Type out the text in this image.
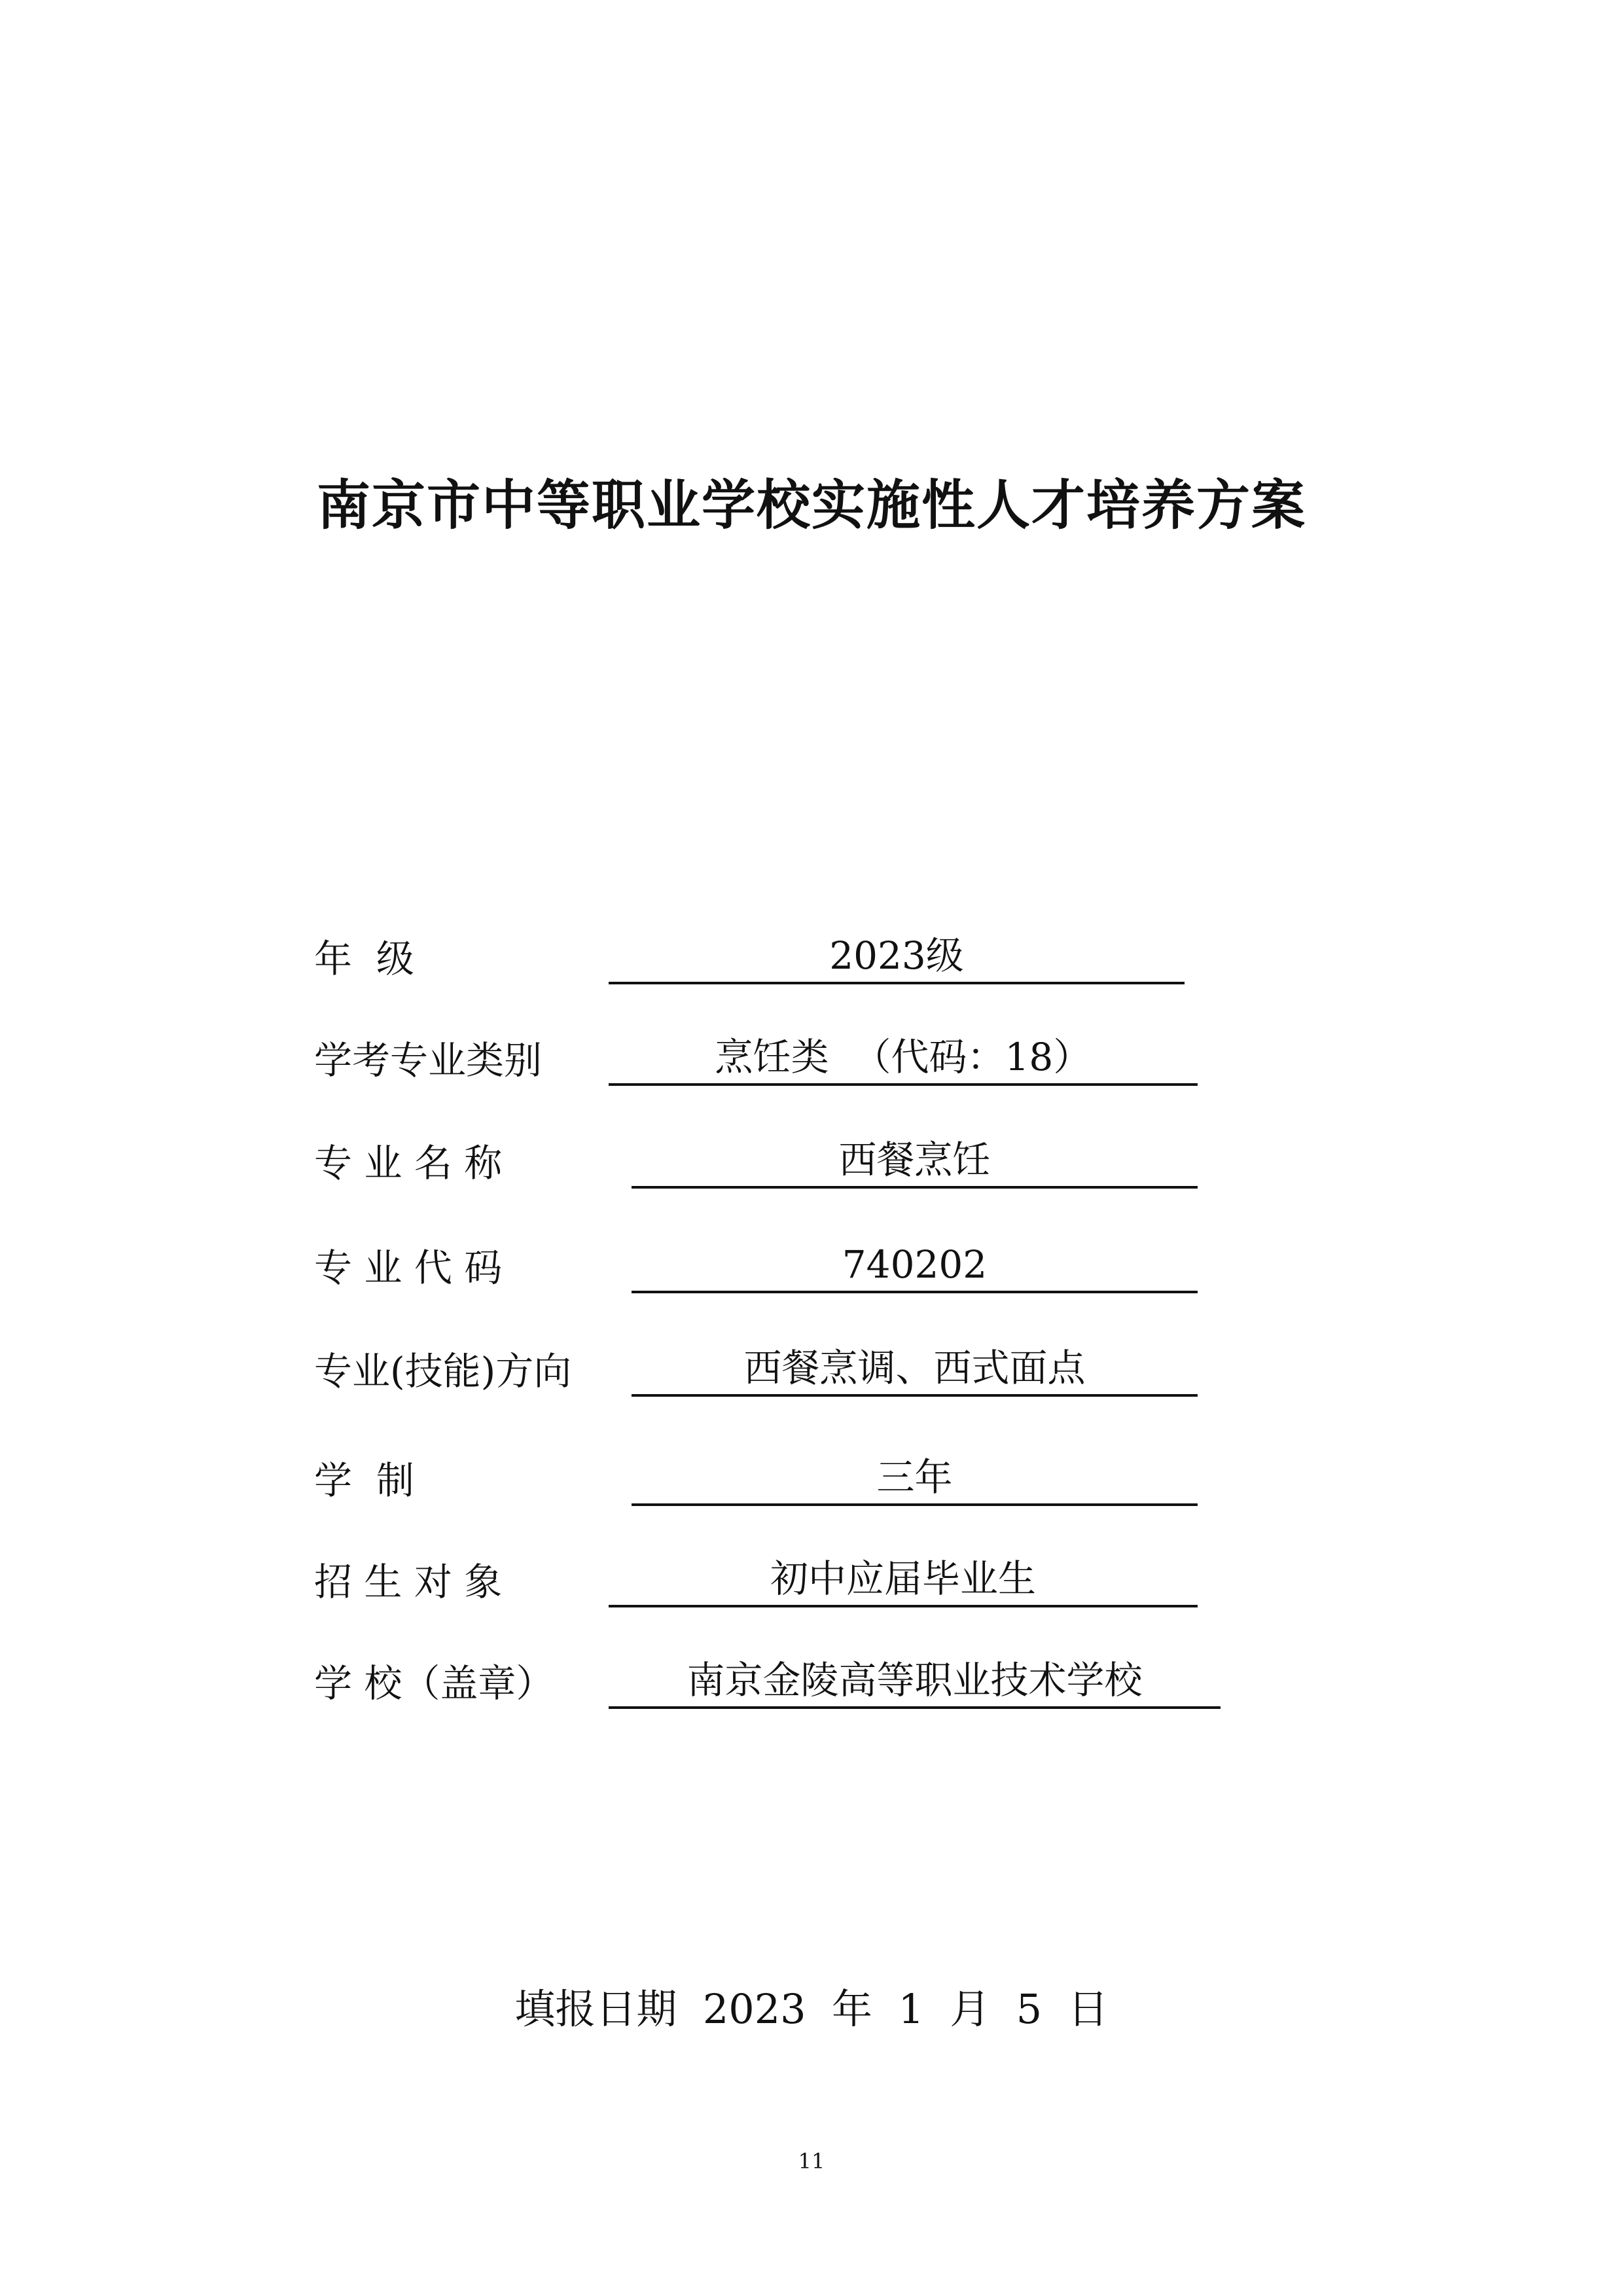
南京市中等职业学校实施性人才培养方案
年  级	2023级
学考专业类别	烹饪类  （代码：18）
专 业 名 称	西餐烹饪
专 业 代 码	740202
专业(技能)方向	西餐烹调、西式面点
学  制	三年
招 生 对 象	初中应届毕业生
学 校（盖章）	南京金陵高等职业技术学校
填报日期  2023  年  1  月  5  日
11
